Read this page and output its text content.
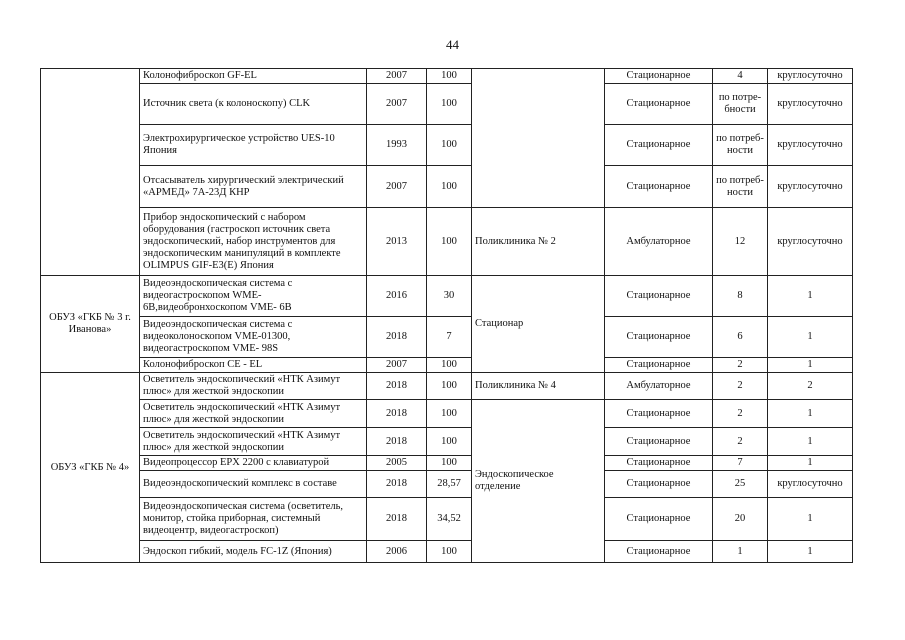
44
	Колонофиброскоп GF-EL	2007	100		Стационарное	4	круглосуточно
	Источник света (к колоноскопу) CLK	2007	100		Стационарное	по потре-бности	круглосуточно
	Электрохирургическое устройство UES-10 Япония	1993	100		Стационарное	по потреб-ности	круглосуточно
	Отсасыватель хирургический электрический «АРМЕД» 7А-23Д КНР	2007	100		Стационарное	по потреб-ности	круглосуточно
	Прибор эндоскопический с набором оборудования (гастроскоп источник света эндоскопический, набор инструментов для эндоскопическим манипуляций в комплекте OLIMPUS GIF-E3(E) Япония	2013	100	Поликлиника № 2	Амбулаторное	12	круглосуточно
ОБУЗ «ГКБ № 3 г. Иванова»	Видеоэндоскопическая система с видеогастроскопом WME-6B,видеобронхоскопом VME- 6B	2016	30	Стационар	Стационарное	8	1
	Видеоэндоскопическая система с видеоколоноскопом VME-01300, видеогастроскопом VME- 98S	2018	7		Стационарное	6	1
	Колонофиброскоп CE - EL	2007	100		Стационарное	2	1
ОБУЗ «ГКБ № 4»	Осветитель эндоскопический «НТК Азимут плюс» для жесткой эндоскопии	2018	100	Поликлиника № 4	Амбулаторное	2	2
	Осветитель эндоскопический «НТК Азимут плюс» для жесткой эндоскопии	2018	100	Эндоскопическое отделение	Стационарное	2	1
	Осветитель эндоскопический «НТК Азимут плюс» для жесткой эндоскопии	2018	100		Стационарное	2	1
	Видеопроцессор EPX 2200 с клавиатурой	2005	100		Стационарное	7	1
	Видеоэндоскопический комплекс в составе	2018	28,57		Стационарное	25	круглосуточно
	Видеоэндоскопическая система (осветитель, монитор, стойка приборная, системный видеоцентр, видеогастроскоп)	2018	34,52		Стационарное	20	1
	Эндоскоп гибкий, модель FC-1Z (Япония)	2006	100		Стационарное	1	1
